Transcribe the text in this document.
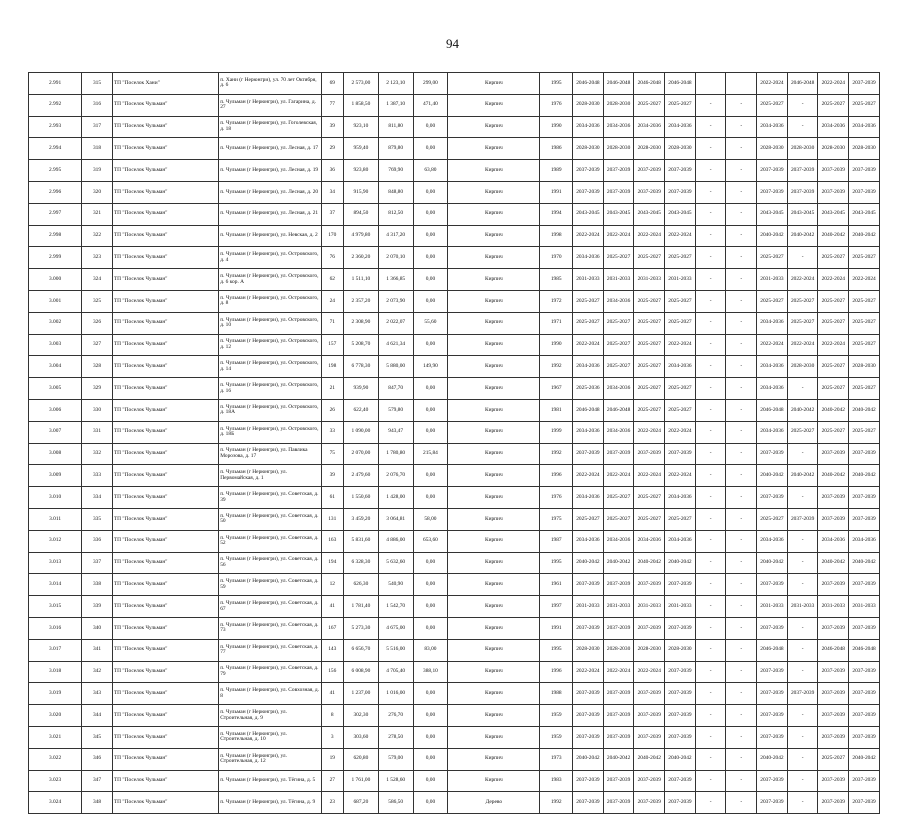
94
2.991	315	ТП "Поселок Хани"	п. Хани (г Нерюнгри), ул. 70 лет Октября, д. 6	69	2 573,00	2 123,10	299,00	Кирпич	1995	2046-2048	2046-2048	2046-2048	2046-2048			2022-2024	2046-2048	2022-2024	2037-2039
2.992	316	ТП "Поселок Чульман"	п. Чульман (г Нерюнгри), ул. Гагарина, д. 27	77	1 858,50	1 387,10	471,40	Кирпич	1976	2028-2030	2028-2030	2025-2027	2025-2027	-	-	2025-2027	-	2025-2027	2025-2027
2.993	317	ТП "Поселок Чульман"	п. Чульман (г Нерюнгри), ул. Гоголевская, д. 18	39	923,10	811,80	0,00	Кирпич	1990	2034-2036	2034-2036	2034-2036	2034-2036	-	-	2034-2036	-	2034-2036	2034-2036
2.994	318	ТП "Поселок Чульман"	п. Чульман (г Нерюнгри), ул. Лесная, д. 17	29	959,40	879,80	0,00	Кирпич	1986	2028-2030	2028-2030	2028-2030	2028-2030	-	-	2028-2030	2028-2030	2028-2030	2028-2030
2.995	319	ТП "Поселок Чульман"	п. Чульман (г Нерюнгри), ул. Лесная, д. 19	36	923,80	769,90	63,80	Кирпич	1989	2037-2039	2037-2039	2037-2039	2037-2039	-	-	2037-2039	2037-2039	2037-2039	2037-2039
2.996	320	ТП "Поселок Чульман"	п. Чульман (г Нерюнгри), ул. Лесная, д. 20	34	915,90	848,80	0,00	Кирпич	1991	2037-2039	2037-2039	2037-2039	2037-2039	-	-	2037-2039	2037-2039	2037-2039	2037-2039
2.997	321	ТП "Поселок Чульман"	п. Чульман (г Нерюнгри), ул. Лесная, д. 21	37	894,50	812,50	0,00	Кирпич	1994	2043-2045	2043-2045	2043-2045	2043-2045	-	-	2043-2045	2043-2045	2043-2045	2043-2045
2.998	322	ТП "Поселок Чульман"	п. Чульман (г Нерюнгри), ул. Невская, д. 2	170	4 979,80	4 317,20	0,00	Кирпич	1998	2022-2024	2022-2024	2022-2024	2022-2024	-	-	2040-2042	2040-2042	2040-2042	2040-2042
2.999	323	ТП "Поселок Чульман"	п. Чульман (г Нерюнгри), ул. Островского, д. 4	76	2 360,20	2 070,10	0,00	Кирпич	1970	2034-2036	2025-2027	2025-2027	2025-2027	-	-	2025-2027	-	2025-2027	2025-2027
3.000	324	ТП "Поселок Чульман"	п. Чульман (г Нерюнгри), ул. Островского, д. 6 кор. А	62	1 511,10	1 366,85	0,00	Кирпич	1985	2031-2033	2031-2033	2031-2033	2031-2033	-	-	2031-2033	2022-2024	2022-2024	2022-2024
3.001	325	ТП "Поселок Чульман"	п. Чульман (г Нерюнгри), ул. Островского, д. 8	24	2 357,20	2 073,90	0,00	Кирпич	1972	2025-2027	2034-2036	2025-2027	2025-2027	-	-	2025-2027	2025-2027	2025-2027	2025-2027
3.002	326	ТП "Поселок Чульман"	п. Чульман (г Нерюнгри), ул. Островского, д. 10	71	2 308,90	2 022,07	55,60	Кирпич	1971	2025-2027	2025-2027	2025-2027	2025-2027	-	-	2034-2036	2025-2027	2025-2027	2025-2027
3.003	327	ТП "Поселок Чульман"	п. Чульман (г Нерюнгри), ул. Островского, д. 12	157	5 208,70	4 621,34	0,00	Кирпич	1990	2022-2024	2025-2027	2025-2027	2022-2024	-	-	2022-2024	2022-2024	2022-2024	2025-2027
3.004	328	ТП "Поселок Чульман"	п. Чульман (г Нерюнгри), ул. Островского, д. 14	198	6 778,30	5 880,00	149,90	Кирпич	1992	2034-2036	2025-2027	2025-2027	2034-2036	-	-	2034-2036	2028-2030	2025-2027	2028-2030
3.005	329	ТП "Поселок Чульман"	п. Чульман (г Нерюнгри), ул. Островского, д. 16	21	939,90	847,70	0,00	Кирпич	1967	2025-2036	2034-2036	2025-2027	2025-2027	-	-	2034-2036	-	2025-2027	2025-2027
3.006	330	ТП "Поселок Чульман"	п. Чульман (г Нерюнгри), ул. Островского, д. 18А	26	622,40	579,80	0,00	Кирпич	1981	2046-2048	2046-2048	2025-2027	2025-2027	-	-	2046-2048	2040-2042	2040-2042	2040-2042
3.007	331	ТП "Поселок Чульман"	п. Чульман (г Нерюнгри), ул. Островского, д. 18Б	33	1 090,00	943,47	0,00	Кирпич	1999	2034-2036	2034-2036	2022-2024	2022-2024	-	-	2034-2036	2025-2027	2025-2027	2025-2027
3.008	332	ТП "Поселок Чульман"	п. Чульман (г Нерюнгри), ул. Павлика Морозова, д. 17	75	2 070,00	1 780,80	215,84	Кирпич	1992	2037-2039	2037-2039	2037-2039	2037-2039	-	-	2037-2039	-	2037-2039	2037-2039
3.009	333	ТП "Поселок Чульман"	п. Чульман (г Нерюнгри), ул. Первомайская, д. 1	39	2 479,60	2 076,70	0,00	Кирпич	1996	2022-2024	2022-2024	2022-2024	2022-2024	-	-	2040-2042	2040-2042	2040-2042	2040-2042
3.010	334	ТП "Поселок Чульман"	п. Чульман (г Нерюнгри), ул. Советская, д. 39	61	1 550,60	1 428,00	0,00	Кирпич	1976	2034-2036	2025-2027	2025-2027	2034-2036	-	-	2037-2039	-	2037-2039	2037-2039
3.011	335	ТП "Поселок Чульман"	п. Чульман (г Нерюнгри), ул. Советская, д. 50	131	3 459,20	3 064,81	58,00	Кирпич	1975	2025-2027	2025-2027	2025-2027	2025-2027	-	-	2025-2027	2037-2039	2037-2039	2037-2039
3.012	336	ТП "Поселок Чульман"	п. Чульман (г Нерюнгри), ул. Советская, д. 52	163	5 831,60	4 886,00	653,60	Кирпич	1987	2034-2036	2034-2036	2034-2036	2034-2036	-	-	2034-2036	-	2034-2036	2034-2036
3.013	337	ТП "Поселок Чульман"	п. Чульман (г Нерюнгри), ул. Советская, д. 56	194	6 328,30	5 632,60	0,00	Кирпич	1995	2040-2042	2040-2042	2040-2042	2040-2042	-	-	2040-2042	-	2040-2042	2040-2042
3.014	338	ТП "Поселок Чульман"	п. Чульман (г Нерюнгри), ул. Советская, д. 59	12	626,30	540,90	0,00	Кирпич	1961	2037-2039	2037-2039	2037-2039	2037-2039	-	-	2037-2039	-	2037-2039	2037-2039
3.015	339	ТП "Поселок Чульман"	п. Чульман (г Нерюнгри), ул. Советская, д. 67	41	1 781,40	1 542,70	0,00	Кирпич	1997	2031-2033	2031-2033	2031-2033	2031-2033	-	-	2031-2033	2031-2033	2031-2033	2031-2033
3.016	340	ТП "Поселок Чульман"	п. Чульман (г Нерюнгри), ул. Советская, д. 73	167	5 273,30	4 675,00	0,00	Кирпич	1991	2037-2039	2037-2039	2037-2039	2037-2039	-	-	2037-2039	-	2037-2039	2037-2039
3.017	341	ТП "Поселок Чульман"	п. Чульман (г Нерюнгри), ул. Советская, д. 77	143	6 656,70	5 516,00	83,00	Кирпич	1995	2028-2030	2028-2030	2028-2030	2028-2030	-	-	2046-2048	-	2046-2048	2046-2048
3.018	342	ТП "Поселок Чульман"	п. Чульман (г Нерюнгри), ул. Советская, д. 79	156	6 008,90	4 705,40	388,10	Кирпич	1996	2022-2024	2022-2024	2022-2024	2037-2039	-	-	2037-2039	-	2037-2039	2037-2039
3.019	343	ТП "Поселок Чульман"	п. Чульман (г Нерюнгри), ул. Совхозная, д. 8	41	1 237,00	1 016,00	0,00	Кирпич	1988	2037-2039	2037-2039	2037-2039	2037-2039	-	-	2037-2039	2037-2039	2037-2039	2037-2039
3.020	344	ТП "Поселок Чульман"	п. Чульман (г Нерюнгри), ул. Строительная, д. 9	8	302,30	276,70	0,00	Кирпич	1959	2037-2039	2037-2039	2037-2039	2037-2039	-	-	2037-2039	-	2037-2039	2037-2039
3.021	345	ТП "Поселок Чульман"	п. Чульман (г Нерюнгри), ул. Строительная, д. 10	3	303,60	278,50	0,00	Кирпич	1959	2037-2039	2037-2039	2037-2039	2037-2039	-	-	2037-2039	-	2037-2039	2037-2039
3.022	346	ТП "Поселок Чульман"	п. Чульман (г Нерюнгри), ул. Строительная, д. 12	19	620,80	579,00	0,00	Кирпич	1973	2040-2042	2040-2042	2040-2042	2040-2042	-	-	2040-2042	-	2025-2027	2040-2042
3.023	347	ТП "Поселок Чульман"	п. Чульман (г Нерюнгри), ул. Тёгина, д. 5	27	1 761,00	1 528,60	0,00	Кирпич	1983	2037-2039	2037-2039	2037-2039	2037-2039	-	-	2037-2039	-	2037-2039	2037-2039
3.024	348	ТП "Поселок Чульман"	п. Чульман (г Нерюнгри), ул. Тёгина, д. 9	23	687,20	586,50	0,00	Дерево	1992	2037-2039	2037-2039	2037-2039	2037-2039	-	-	2037-2039	-	2037-2039	2037-2039
